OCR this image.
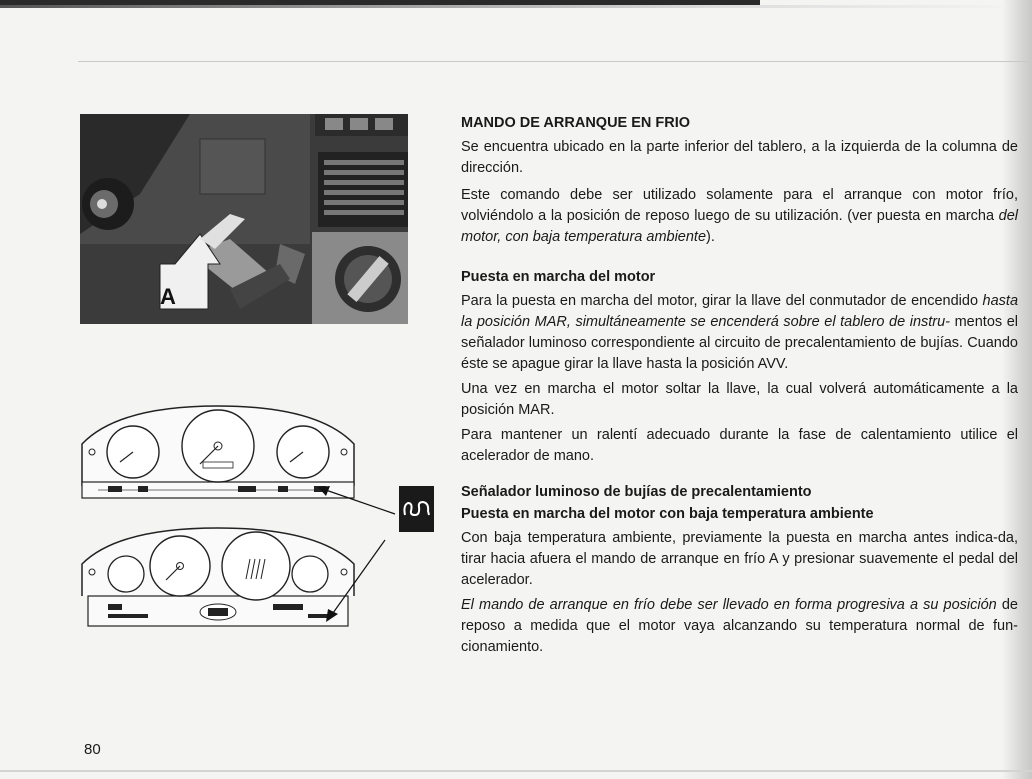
A

MANDO DE ARRANQUE EN FRIO

Se encuentra ubicado en la parte inferior del tablero, a la izquierda de la columna de dirección.

Este comando debe ser utilizado solamente para el arranque con motor frío, volviéndolo a la posición de reposo luego de su utilización. (ver puesta en marcha del motor, con baja temperatura ambiente).

Puesta en marcha del motor

Para la puesta en marcha del motor, girar la llave del conmutador de encendido hasta la posición MAR, simultáneamente se encenderá sobre el tablero de instru- mentos el señalador luminoso correspondiente al circuito de precalentamiento de bujías. Cuando éste se apague girar la llave hasta la posición AVV.

Una vez en marcha el motor soltar la llave, la cual volverá automáticamente a la posición MAR.

Para mantener un ralentí adecuado durante la fase de calentamiento utilice el acelerador de mano.

Señalador luminoso de bujías de precalentamiento

Puesta en marcha del motor con baja temperatura ambiente

Con baja temperatura ambiente, previamente la puesta en marcha antes indica-da, tirar hacia afuera el mando de arranque en frío A y presionar suavemente el pedal del acelerador.

El mando de arranque en frío debe ser llevado en forma progresiva a su posición de reposo a medida que el motor vaya alcanzando su temperatura normal de fun-cionamiento.

80
